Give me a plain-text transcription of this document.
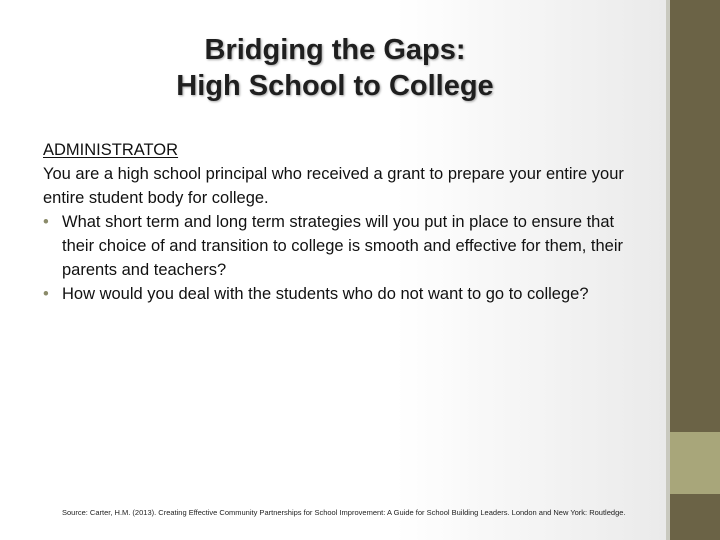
Bridging the Gaps:
High School to College
ADMINISTRATOR
You are a high school principal who received a grant to prepare your entire your entire student body for college.
• What short term and long term strategies will you put in place to ensure that their choice of and transition to college is smooth and effective for them, their parents and teachers?
• How would you deal with the students who do not want to go to college?
Source: Carter, H.M. (2013). Creating Effective Community Partnerships for School Improvement: A Guide for School Building Leaders. London and New York: Routledge.
